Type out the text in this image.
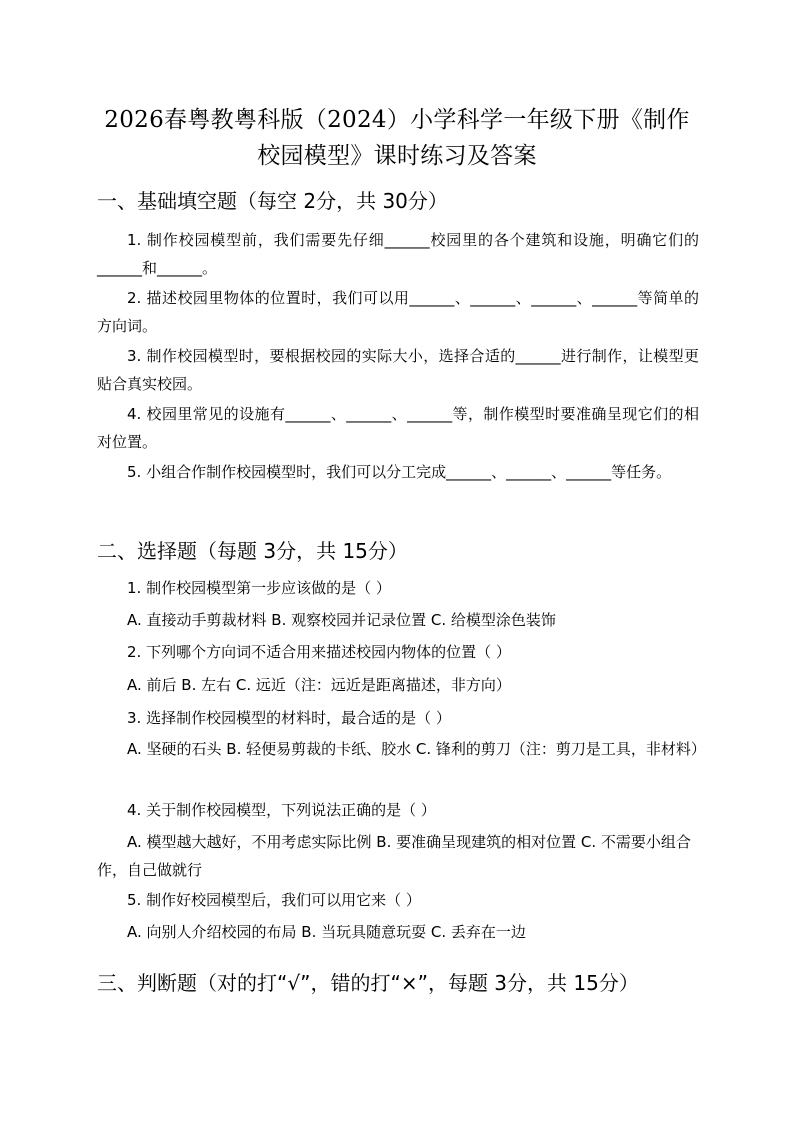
2026春粤教粤科版（2024）小学科学一年级下册《制作
校园模型》课时练习及答案
一、基础填空题（每空 2分，共 30分）
1. 制作校园模型前，我们需要先仔细______校园里的各个建筑和设施，明确它们的______和______。
2. 描述校园里物体的位置时，我们可以用______、______、______、______等简单的方向词。
3. 制作校园模型时，要根据校园的实际大小，选择合适的______进行制作，让模型更贴合真实校园。
4. 校园里常见的设施有______、______、______等，制作模型时要准确呈现它们的相对位置。
5. 小组合作制作校园模型时，我们可以分工完成______、______、______等任务。
二、选择题（每题 3分，共 15分）
1. 制作校园模型第一步应该做的是（ ）
A. 直接动手剪裁材料 B. 观察校园并记录位置 C. 给模型涂色装饰
2. 下列哪个方向词不适合用来描述校园内物体的位置（ ）
A. 前后 B. 左右 C. 远近（注：远近是距离描述，非方向）
3. 选择制作校园模型的材料时，最合适的是（ ）
A. 坚硬的石头 B. 轻便易剪裁的卡纸、胶水 C. 锋利的剪刀（注：剪刀是工具，非材料）
4. 关于制作校园模型，下列说法正确的是（ ）
A. 模型越大越好，不用考虑实际比例 B. 要准确呈现建筑的相对位置 C. 不需要小组合作，自己做就行
5. 制作好校园模型后，我们可以用它来（ ）
A. 向别人介绍校园的布局 B. 当玩具随意玩耍 C. 丢弃在一边
三、判断题（对的打“√”，错的打“×”，每题 3分，共 15分）
